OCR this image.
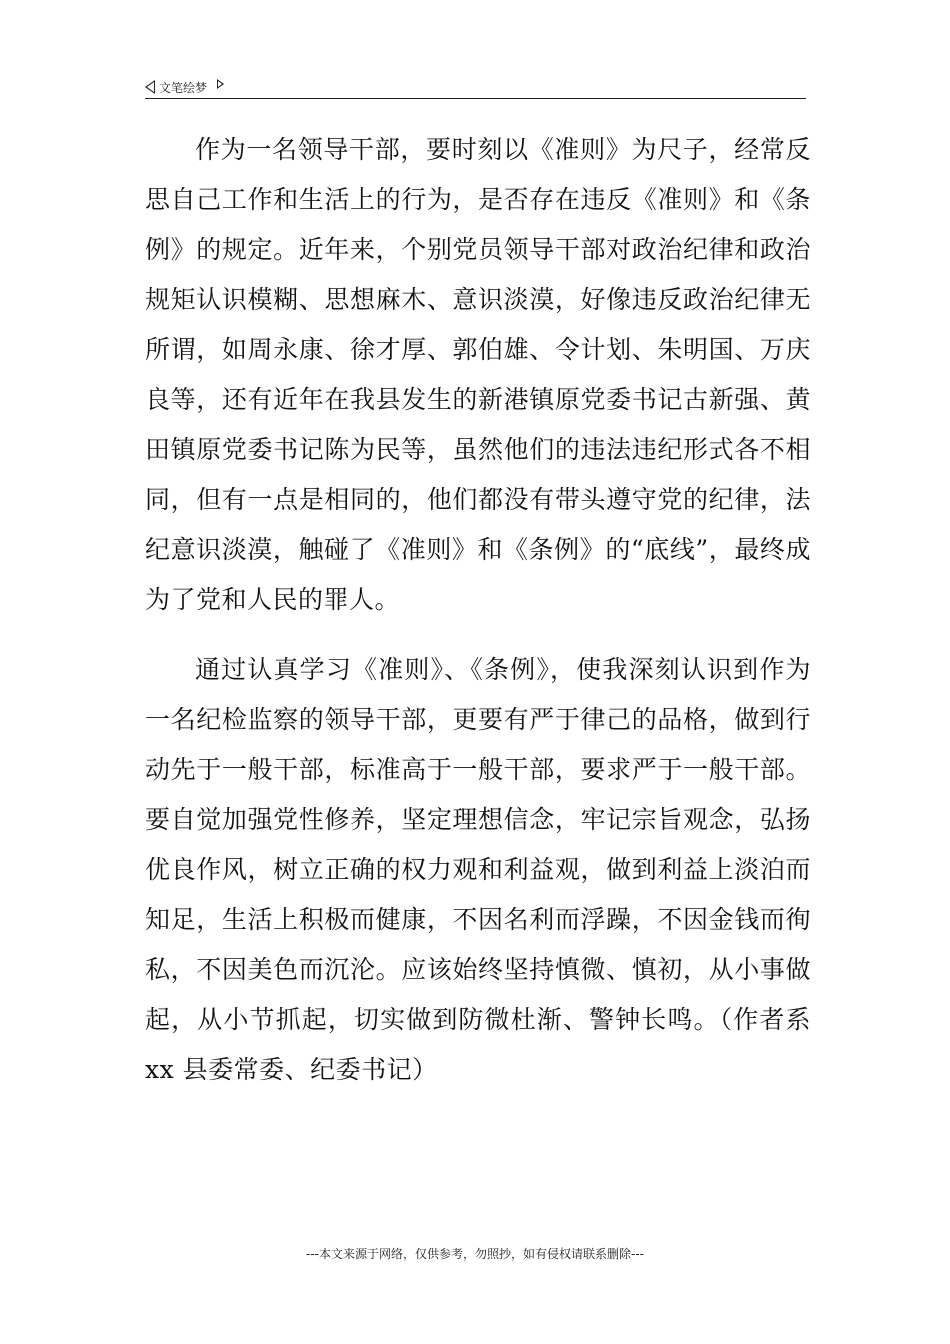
文笔绘梦

作为一名领导干部，要时刻以《准则》为尺子，经常反思自己工作和生活上的行为，是否存在违反《准则》和《条例》的规定。近年来，个别党员领导干部对政治纪律和政治规矩认识模糊、思想麻木、意识淡漠，好像违反政治纪律无所谓，如周永康、徐才厚、郭伯雄、令计划、朱明国、万庆良等，还有近年在我县发生的新港镇原党委书记古新强、黄田镇原党委书记陈为民等，虽然他们的违法违纪形式各不相同，但有一点是相同的，他们都没有带头遵守党的纪律，法纪意识淡漠，触碰了《准则》和《条例》的“底线”，最终成为了党和人民的罪人。

通过认真学习《准则》、《条例》，使我深刻认识到作为一名纪检监察的领导干部，更要有严于律己的品格，做到行动先于一般干部，标准高于一般干部，要求严于一般干部。要自觉加强党性修养，坚定理想信念，牢记宗旨观念，弘扬优良作风，树立正确的权力观和利益观，做到利益上淡泊而知足，生活上积极而健康，不因名利而浮躁，不因金钱而徇私，不因美色而沉沦。应该始终坚持慎微、慎初，从小事做起，从小节抓起，切实做到防微杜渐、警钟长鸣。（作者系 xx 县委常委、纪委书记）

---本文来源于网络，仅供参考，勿照抄，如有侵权请联系删除---
